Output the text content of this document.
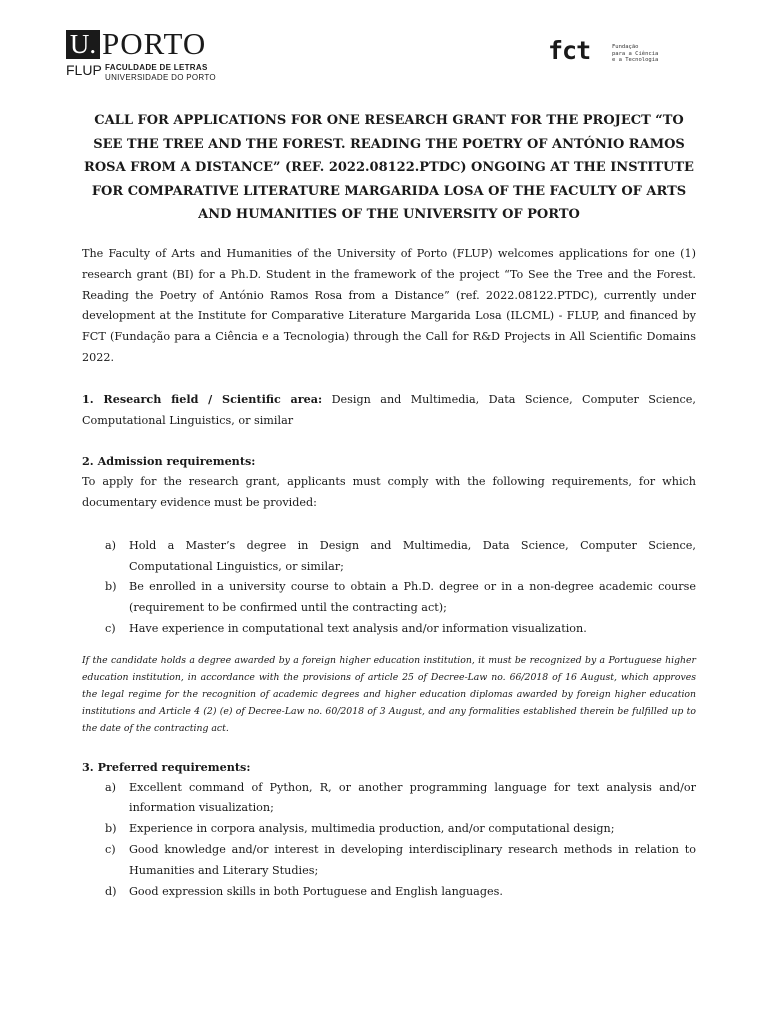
U. PORTO
FLUP FACULDADE DE LETRAS
UNIVERSIDADE DO PORTO
fct	Fundação
para a Ciência
e a Tecnologia
CALL FOR APPLICATIONS FOR ONE RESEARCH GRANT FOR THE PROJECT “TO SEE THE TREE AND THE FOREST. READING THE POETRY OF ANTÓNIO RAMOS ROSA FROM A DISTANCE” (REF. 2022.08122.PTDC) ONGOING AT THE INSTITUTE FOR COMPARATIVE LITERATURE MARGARIDA LOSA OF THE FACULTY OF ARTS AND HUMANITIES OF THE UNIVERSITY OF PORTO

The Faculty of Arts and Humanities of the University of Porto (FLUP) welcomes applications for one (1) research grant (BI) for a Ph.D. Student in the framework of the project “To See the Tree and the Forest. Reading the Poetry of António Ramos Rosa from a Distance” (ref. 2022.08122.PTDC), currently under development at the Institute for Comparative Literature Margarida Losa (ILCML) - FLUP, and financed by FCT (Fundação para a Ciência e a Tecnologia) through the Call for R&D Projects in All Scientific Domains 2022.

1. Research field / Scientific area: Design and Multimedia, Data Science, Computer Science, Computational Linguistics, or similar

2. Admission requirements:

To apply for the research grant, applicants must comply with the following requirements, for which documentary evidence must be provided:

a) Hold a Master’s degree in Design and Multimedia, Data Science, Computer Science, Computational Linguistics, or similar;
b) Be enrolled in a university course to obtain a Ph.D. degree or in a non-degree academic course (requirement to be confirmed until the contracting act);
c) Have experience in computational text analysis and/or information visualization.

If the candidate holds a degree awarded by a foreign higher education institution, it must be recognized by a Portuguese higher education institution, in accordance with the provisions of article 25 of Decree-Law no. 66/2018 of 16 August, which approves the legal regime for the recognition of academic degrees and higher education diplomas awarded by foreign higher education institutions and Article 4 (2) (e) of Decree-Law no. 60/2018 of 3 August, and any formalities established therein be fulfilled up to the date of the contracting act.

3. Preferred requirements:

a) Excellent command of Python, R, or another programming language for text analysis and/or information visualization;
b) Experience in corpora analysis, multimedia production, and/or computational design;
c) Good knowledge and/or interest in developing interdisciplinary research methods in relation to Humanities and Literary Studies;
d) Good expression skills in both Portuguese and English languages.
